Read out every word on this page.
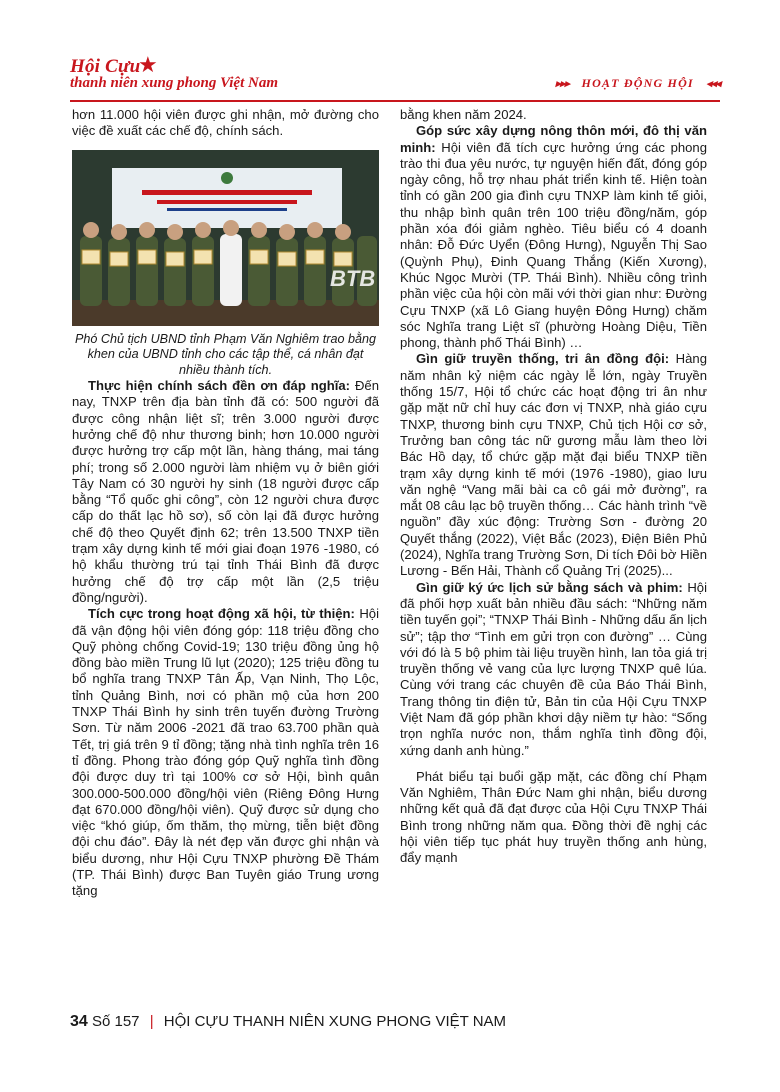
Hội Cựu
★
thanh niên xung phong Việt Nam	▸▸▸ HOẠT ĐỘNG HỘI ◂◂◂

hơn 11.000 hội viên được ghi nhận, mở đường cho việc đề xuất các chế độ, chính sách.

BTB

Phó Chủ tịch UBND tỉnh Phạm Văn Nghiêm trao bằng khen của UBND tỉnh cho các tập thể, cá nhân đạt nhiều thành tích.

Thực hiện chính sách đền ơn đáp nghĩa: Đến nay, TNXP trên địa bàn tỉnh đã có: 500 người đã được công nhận liệt sĩ; trên 3.000 người được hưởng chế độ như thương binh; hơn 10.000 người được hưởng trợ cấp một lần, hàng tháng, mai táng phí; trong số 2.000 người làm nhiệm vụ ở biên giới Tây Nam có 30 người hy sinh (18 người được cấp bằng “Tổ quốc ghi công”, còn 12 người chưa được cấp do thất lạc hồ sơ), số còn lại đã được hưởng chế độ theo Quyết định 62; trên 13.500 TNXP tiền trạm xây dựng kinh tế mới giai đoạn 1976 -1980, có hộ khẩu thường trú tại tỉnh Thái Bình đã được hưởng chế độ trợ cấp một lần (2,5 triệu đồng/người).

Tích cực trong hoạt động xã hội, từ thiện: Hội đã vận động hội viên đóng góp: 118 triệu đồng cho Quỹ phòng chống Covid-19; 130 triệu đồng ủng hộ đồng bào miền Trung lũ lụt (2020); 125 triệu đồng tu bổ nghĩa trang TNXP Tân Ấp, Vạn Ninh, Thọ Lộc, tỉnh Quảng Bình, nơi có phần mộ của hơn 200 TNXP Thái Bình hy sinh trên tuyến đường Trường Sơn. Từ năm 2006 -2021 đã trao 63.700 phần quà Tết, trị giá trên 9 tỉ đồng; tặng nhà tình nghĩa trên 16 tỉ đồng. Phong trào đóng góp Quỹ nghĩa tình đồng đội được duy trì tại 100% cơ sở Hội, bình quân 300.000-500.000 đồng/hội viên (Riêng Đông Hưng đạt 670.000 đồng/hội viên). Quỹ được sử dụng cho việc “khó giúp, ốm thăm, thọ mừng, tiễn biệt đồng đội chu đáo”. Đây là nét đẹp văn được ghi nhận và biểu dương, như Hội Cựu TNXP phường Đề Thám (TP. Thái Bình) được Ban Tuyên giáo Trung ương tặng

bằng khen năm 2024.

Góp sức xây dựng nông thôn mới, đô thị văn minh: Hội viên đã tích cực hưởng ứng các phong trào thi đua yêu nước, tự nguyện hiến đất, đóng góp ngày công, hỗ trợ nhau phát triển kinh tế. Hiện toàn tỉnh có gần 200 gia đình cựu TNXP làm kinh tế giỏi, thu nhập bình quân trên 100 triệu đồng/năm, góp phần xóa đói giảm nghèo. Tiêu biểu có 4 doanh nhân: Đỗ Đức Uyển (Đông Hưng), Nguyễn Thị Sao (Quỳnh Phụ), Đinh Quang Thắng (Kiến Xương), Khúc Ngọc Mười (TP. Thái Bình). Nhiều công trình phần việc của hội còn mãi với thời gian như: Đường Cựu TNXP (xã Lô Giang huyện Đông Hưng) chăm sóc Nghĩa trang Liệt sĩ (phường Hoàng Diệu, Tiền phong, thành phố Thái Bình) …

Gìn giữ truyền thống, tri ân đồng đội: Hàng năm nhân kỷ niệm các ngày lễ lớn, ngày Truyền thống 15/7, Hội tổ chức các hoạt động tri ân như gặp mặt nữ chỉ huy các đơn vị TNXP, nhà giáo cựu TNXP, thương binh cựu TNXP, Chủ tịch Hội cơ sở, Trưởng ban công tác nữ gương mẫu làm theo lời Bác Hồ dạy, tổ chức gặp mặt đại biểu TNXP tiền trạm xây dựng kinh tế mới (1976 -1980), giao lưu văn nghệ “Vang mãi bài ca cô gái mở đường”, ra mắt 08 câu lạc bộ truyền thống… Các hành trình “về nguồn” đầy xúc động: Trường Sơn - đường 20 Quyết thắng (2022), Việt Bắc (2023), Điện Biên Phủ (2024), Nghĩa trang Trường Sơn, Di tích Đôi bờ Hiền Lương - Bến Hải, Thành cổ Quảng Trị (2025)...

Gìn giữ ký ức lịch sử bằng sách và phim: Hội đã phối hợp xuất bản nhiều đầu sách: “Những năm tiền tuyến gọi”; “TNXP Thái Bình - Những dấu ấn lịch sử”; tập thơ “Tình em gửi trọn con đường” … Cùng với đó là 5 bộ phim tài liệu truyền hình, lan tỏa giá trị truyền thống vẻ vang của lực lượng TNXP quê lúa. Cùng với trang các chuyên đề của Báo Thái Bình, Trang thông tin điện tử, Bản tin của Hội Cựu TNXP Việt Nam đã góp phần khơi dậy niềm tự hào: “Sống trọn nghĩa nước non, thắm nghĩa tình đồng đội, xứng danh anh hùng.”

Phát biểu tại buổi gặp mặt, các đồng chí Phạm Văn Nghiêm, Thân Đức Nam ghi nhận, biểu dương những kết quả đã đạt được của Hội Cựu TNXP Thái Bình trong những năm qua. Đồng thời đề nghị các hội viên tiếp tục phát huy truyền thống anh hùng, đẩy mạnh

34 Số 157 | HỘI CỰU THANH NIÊN XUNG PHONG VIỆT NAM
